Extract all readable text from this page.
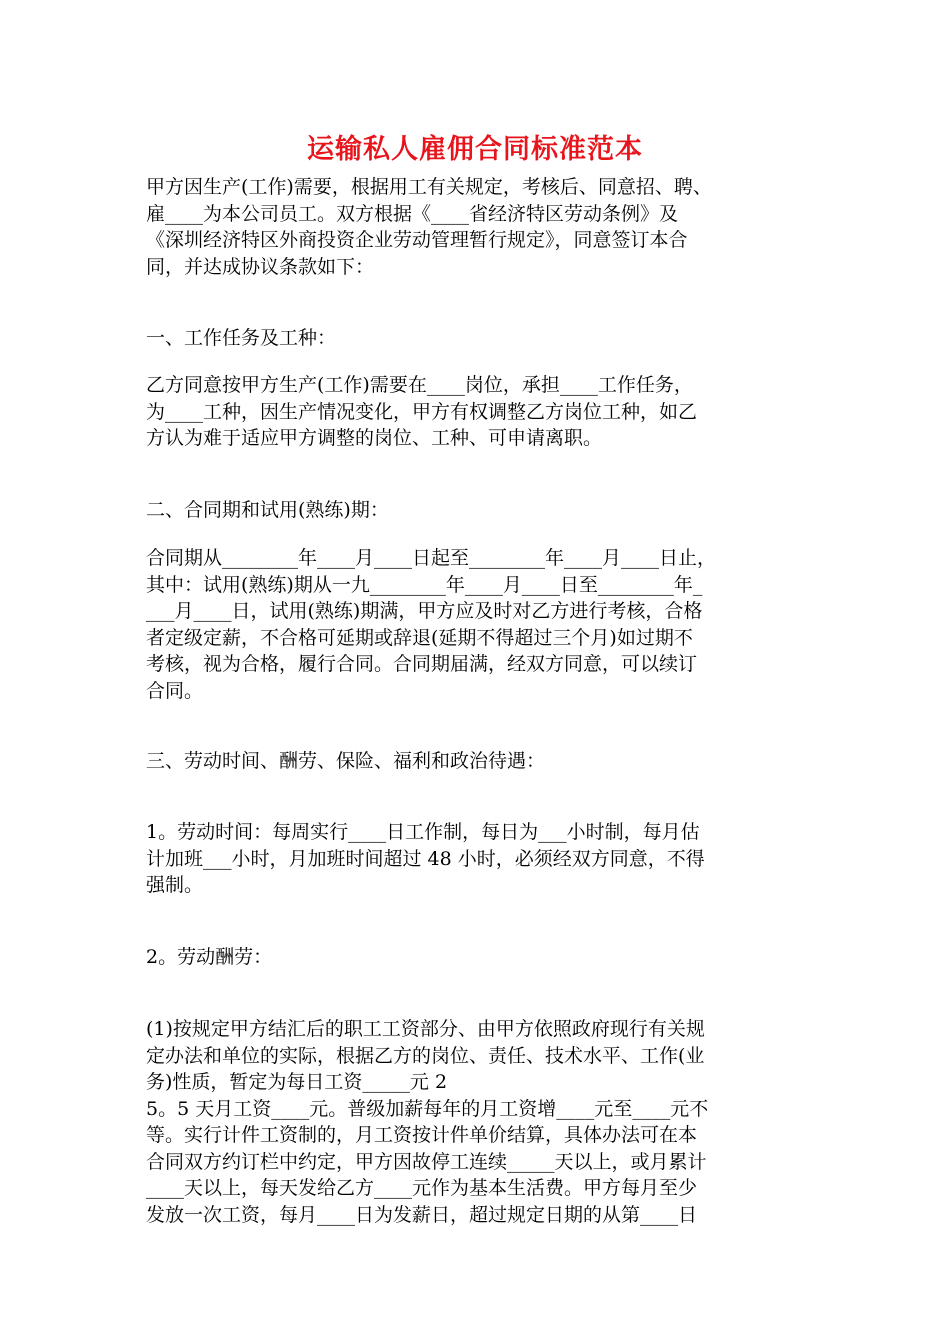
运输私人雇佣合同标准范本
甲方因生产(工作)需要，根据用工有关规定，考核后、同意招、聘、
雇____为本公司员工。双方根据《____省经济特区劳动条例》及
《深圳经济特区外商投资企业劳动管理暂行规定》，同意签订本合
同，并达成协议条款如下：
一、工作任务及工种：
乙方同意按甲方生产(工作)需要在____岗位，承担____工作任务，
为____工种，因生产情况变化，甲方有权调整乙方岗位工种，如乙
方认为难于适应甲方调整的岗位、工种、可申请离职。
二、合同期和试用(熟练)期：
合同期从________年____月____日起至________年____月____日止，
其中：试用(熟练)期从一九________年____月____日至________年_
___月____日，试用(熟练)期满，甲方应及时对乙方进行考核，合格
者定级定薪，不合格可延期或辞退(延期不得超过三个月)如过期不
考核，视为合格，履行合同。合同期届满，经双方同意，可以续订
合同。
三、劳动时间、酬劳、保险、福利和政治待遇：
1。劳动时间：每周实行____日工作制，每日为___小时制，每月估
计加班___小时，月加班时间超过 48 小时，必须经双方同意，不得
强制。
2。劳动酬劳：
(1)按规定甲方结汇后的职工工资部分、由甲方依照政府现行有关规
定办法和单位的实际，根据乙方的岗位、责任、技术水平、工作(业
务)性质，暂定为每日工资_____元 2
5。5 天月工资____元。普级加薪每年的月工资增____元至____元不
等。实行计件工资制的，月工资按计件单价结算，具体办法可在本
合同双方约订栏中约定，甲方因故停工连续_____天以上，或月累计
____天以上，每天发给乙方____元作为基本生活费。甲方每月至少
发放一次工资，每月____日为发薪日，超过规定日期的从第____日
